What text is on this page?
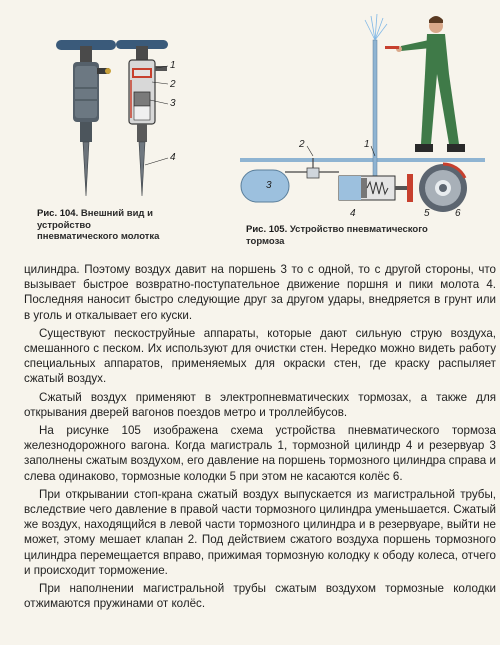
1
2
3
4
Рис. 104. Внешний вид и устройство пневматического молотка
2	1
3
4	5	6
Рис. 105. Устройство пневматического тормоза

цилиндра. Поэтому воздух давит на поршень 3 то с одной, то с другой стороны, что вызывает быстрое возвратно-поступательное движение поршня и пики молота 4. Последняя наносит быстро следующие друг за другом удары, внедряется в грунт или в уголь и откалывает его куски.

Существуют пескоструйные аппараты, которые дают сильную струю воздуха, смешанного с песком. Их используют для очистки стен. Нередко можно видеть работу специальных аппаратов, применяемых для окраски стен, где краску распыляет сжатый воздух.

Сжатый воздух применяют в электропневматических тормозах, а также для открывания дверей вагонов поездов метро и троллейбусов.

На рисунке 105 изображена схема устройства пневматического тормоза железнодорожного вагона. Когда магистраль 1, тормозной цилиндр 4 и резервуар 3 заполнены сжатым воздухом, его давление на поршень тормозного цилиндра справа и слева одинаково, тормозные колодки 5 при этом не касаются колёс 6.

При открывании стоп-крана сжатый воздух выпускается из магистральной трубы, вследствие чего давление в правой части тормозного цилиндра уменьшается. Сжатый же воздух, находящийся в левой части тормозного цилиндра и в резервуаре, выйти не может, этому мешает клапан 2. Под действием сжатого воздуха поршень тормозного цилиндра перемещается вправо, прижимая тормозную колодку к ободу колеса, отчего и происходит торможение.

При наполнении магистральной трубы сжатым воздухом тормозные колодки отжимаются пружинами от колёс.
